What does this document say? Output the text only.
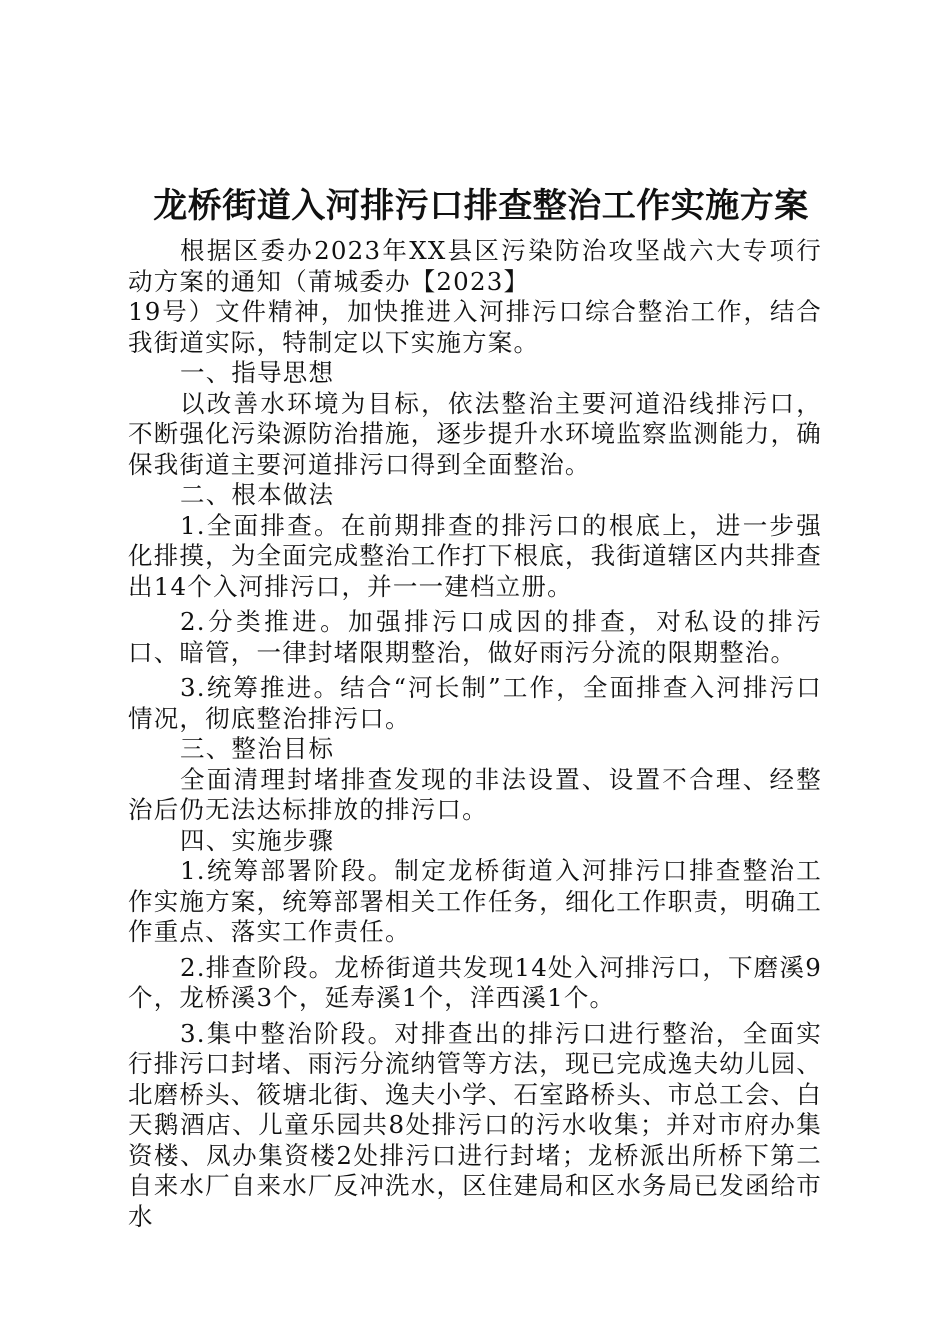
龙桥街道入河排污口排查整治工作实施方案

根据区委办2023年XX县区污染防治攻坚战六大专项行动方案的通知（莆城委办【2023】

19号）文件精神，加快推进入河排污口综合整治工作，结合我街道实际，特制定以下实施方案。

一、指导思想

以改善水环境为目标，依法整治主要河道沿线排污口，不断强化污染源防治措施，逐步提升水环境监察监测能力，确保我街道主要河道排污口得到全面整治。

二、根本做法

1.全面排查。在前期排查的排污口的根底上，进一步强化排摸，为全面完成整治工作打下根底，我街道辖区内共排查出14个入河排污口，并一一建档立册。

2.分类推进。加强排污口成因的排查，对私设的排污口、暗管，一律封堵限期整治，做好雨污分流的限期整治。

3.统筹推进。结合“河长制”工作，全面排查入河排污口情况，彻底整治排污口。

三、整治目标

全面清理封堵排查发现的非法设置、设置不合理、经整治后仍无法达标排放的排污口。

四、实施步骤

1.统筹部署阶段。制定龙桥街道入河排污口排查整治工作实施方案，统筹部署相关工作任务，细化工作职责，明确工作重点、落实工作责任。

2.排查阶段。龙桥街道共发现14处入河排污口，下磨溪9个，龙桥溪3个，延寿溪1个，洋西溪1个。

3.集中整治阶段。对排查出的排污口进行整治，全面实行排污口封堵、雨污分流纳管等方法，现已完成逸夫幼儿园、北磨桥头、筱塘北街、逸夫小学、石室路桥头、市总工会、白天鹅酒店、儿童乐园共8处排污口的污水收集；并对市府办集资楼、凤办集资楼2处排污口进行封堵；龙桥派出所桥下第二自来水厂自来水厂反冲洗水，区住建局和区水务局已发函给市水
